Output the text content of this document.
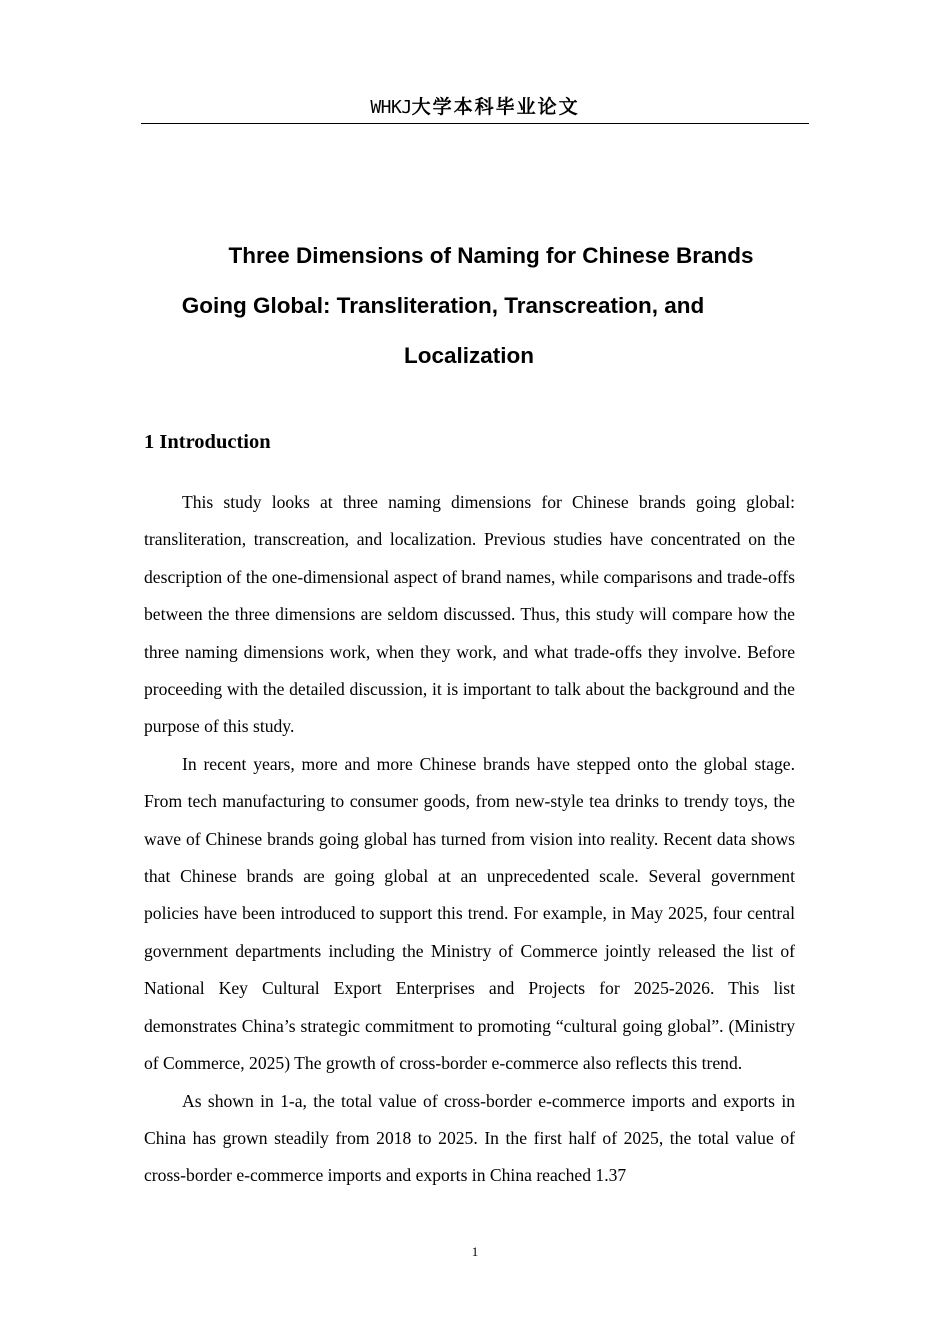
WHKJ大学本科毕业论文
Three Dimensions of Naming for Chinese Brands
Going Global: Transliteration, Transcreation, and
Localization
1 Introduction

This study looks at three naming dimensions for Chinese brands going global: transliteration, transcreation, and localization. Previous studies have concentrated on the description of the one-dimensional aspect of brand names, while comparisons and trade-offs between the three dimensions are seldom discussed. Thus, this study will compare how the three naming dimensions work, when they work, and what trade-offs they involve. Before proceeding with the detailed discussion, it is important to talk about the background and the purpose of this study.

In recent years, more and more Chinese brands have stepped onto the global stage. From tech manufacturing to consumer goods, from new-style tea drinks to trendy toys, the wave of Chinese brands going global has turned from vision into reality. Recent data shows that Chinese brands are going global at an unprecedented scale. Several government policies have been introduced to support this trend. For example, in May 2025, four central government departments including the Ministry of Commerce jointly released the list of National Key Cultural Export Enterprises and Projects for 2025-2026. This list demonstrates China’s strategic commitment to promoting “cultural going global”. (Ministry of Commerce, 2025) The growth of cross-border e-commerce also reflects this trend.

As shown in 1-a, the total value of cross-border e-commerce imports and exports in China has grown steadily from 2018 to 2025. In the first half of 2025, the total value of cross-border e-commerce imports and exports in China reached 1.37

1
